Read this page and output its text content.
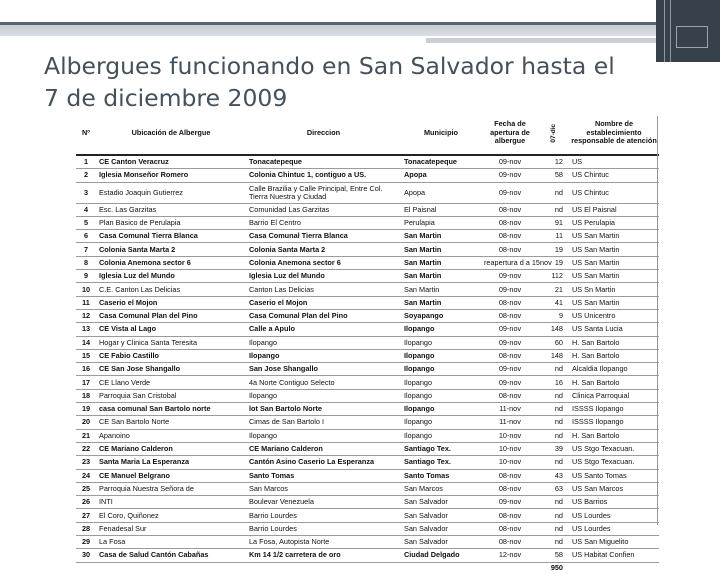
Albergues funcionando en San Salvador hasta el
7 de diciembre 2009
Nº	Ubicación de Albergue	Direccion	Municipio	Fecha de apertura de albergue	07-dic	Nombre de establecimiento responsable de atención
1	CE Canton Veracruz	Tonacatepeque	Tonacatepeque	09-nov	12	US
2	Iglesia Monseñor Romero	Colonia Chintuc 1, contiguo a US.	Apopa	09-nov	58	US Chintuc
3	Estadio Joaquin Gutierrez	Calle Brazilia y Calle Principal, Entre Col. Tierra Nuestra y Ciudad	Apopa	09-nov	nd	US Chintuc
4	Esc. Las Garzitas	Comunidad Las Garzitas	El Paisnal	08-nov	nd	US El Paisnal
5	Plan Basico de Perulapia	Barrio El Centro	Perulapia	08-nov	91	US Perulapia
6	Casa Comunal Tierra Blanca	Casa Comunal Tierra Blanca	San Martin	08-nov	11	US San Martin
7	Colonia Santa Marta 2	Colonia Santa Marta 2	San Martin	08-nov	19	US San Martin
8	Colonia Anemona sector 6	Colonia Anemona sector 6	San Martin	reapertura d a 15nov	19	US San Martin
9	Iglesia Luz del Mundo	Iglesia Luz del Mundo	San Martin	09-nov	112	US San Martin
10	C.E. Canton Las Delicias	Canton Las Delicias	San Martin	09-nov	21	US Sn Martin
11	Caserio el Mojon	Caserio el Mojon	San Martin	08-nov	41	US San Martin
12	Casa Comunal Plan del Pino	Casa Comunal Plan del Pino	Soyapango	08-nov	9	US Unicentro
13	CE Vista al Lago	Calle a Apulo	Ilopango	09-nov	148	US Santa Lucia
14	Hogar y Clinica Santa Teresita	Ilopango	Ilopango	09-nov	60	H. San Bartolo
15	CE Fabio Castillo	Ilopango	Ilopango	08-nov	148	H. San Bartolo
16	CE San Jose Shangallo	San Jose Shangallo	Ilopango	09-nov	nd	Alcaldia Ilopango
17	CE Llano Verde	4a Norte Contiguo Selecto	Ilopango	09-nov	16	H. San Bartolo
18	Parroquia San Cristobal	Ilopango	Ilopango	08-nov	nd	Clinica Parroquial
19	casa comunal San Bartolo norte	lot San Bartolo Norte	Ilopango	11-nov	nd	ISSSS Ilopango
20	CE San Bartolo Norte	Cimas de San Bartolo I	Ilopango	11-nov	nd	ISSSS Ilopango
21	Apanoino	Ilopango	Ilopango	10-nov	nd	H. San Bartolo
22	CE Mariano Calderon	CE Mariano Calderon	Santiago Tex.	10-nov	39	US Stgo Texacuan.
23	Santa Maria La Esperanza	Cantón Asino Caserio La Esperanza	Santiago Tex.	10-nov	nd	US Stgo Texacuan.
24	CE Manuel Belgrano	Santo Tomas	Santo Tomas	08-nov	43	US Santo Tomas
25	Parroquia Nuestra Señora de	San Marcos	San Marcos	08-nov	63	US San Marcos
26	INTI	Boulevar Venezuela	San Salvador	09-nov	nd	US Barrios
27	El Coro, Quiñonez	Barrio Lourdes	San Salvador	08-nov	nd	US Lourdes
28	Fenadesal Sur	Barrio Lourdes	San Salvador	08-nov	nd	US Lourdes
29	La Fosa	La Fosa, Autopista Norte	San Salvador	08-nov	nd	US San Miguelito
30	Casa de Salud Cantón Cabañas	Km 14 1/2 carretera de oro	Ciudad Delgado	12-nov	58	US Habitat Confien
					950	
